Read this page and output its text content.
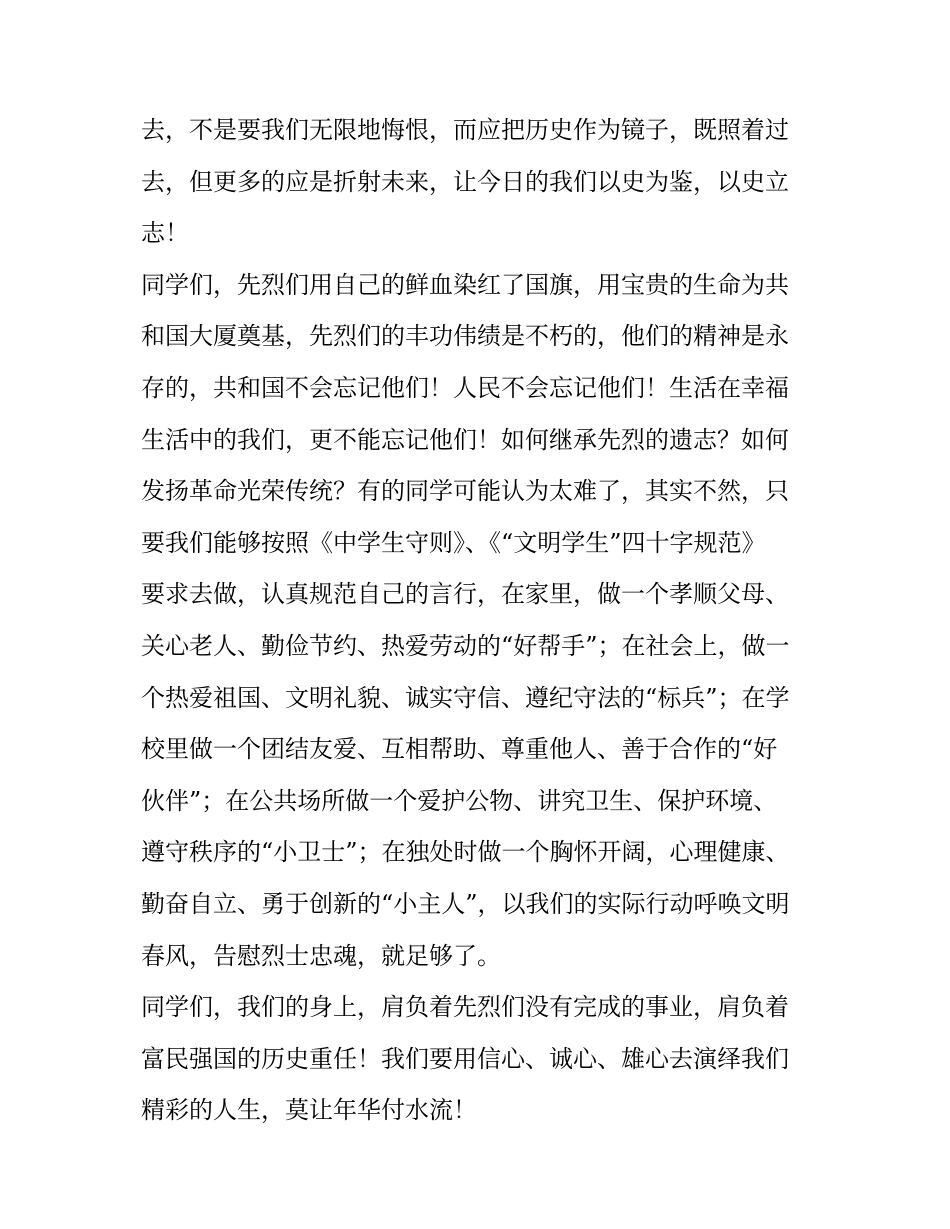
去，不是要我们无限地悔恨，而应把历史作为镜子，既照着过
去，但更多的应是折射未来，让今日的我们以史为鉴，以史立
志！
同学们，先烈们用自己的鲜血染红了国旗，用宝贵的生命为共
和国大厦奠基，先烈们的丰功伟绩是不朽的，他们的精神是永
存的，共和国不会忘记他们！人民不会忘记他们！生活在幸福
生活中的我们，更不能忘记他们！如何继承先烈的遗志？如何
发扬革命光荣传统？有的同学可能认为太难了，其实不然，只
要我们能够按照《中学生守则》、《“文明学生”四十字规范》
要求去做，认真规范自己的言行，在家里，做一个孝顺父母、
关心老人、勤俭节约、热爱劳动的“好帮手”；在社会上，做一
个热爱祖国、文明礼貌、诚实守信、遵纪守法的“标兵”；在学
校里做一个团结友爱、互相帮助、尊重他人、善于合作的“好
伙伴”；在公共场所做一个爱护公物、讲究卫生、保护环境、
遵守秩序的“小卫士”；在独处时做一个胸怀开阔，心理健康、
勤奋自立、勇于创新的“小主人”，以我们的实际行动呼唤文明
春风，告慰烈士忠魂，就足够了。
同学们，我们的身上，肩负着先烈们没有完成的事业，肩负着
富民强国的历史重任！我们要用信心、诚心、雄心去演绎我们
精彩的人生，莫让年华付水流！
